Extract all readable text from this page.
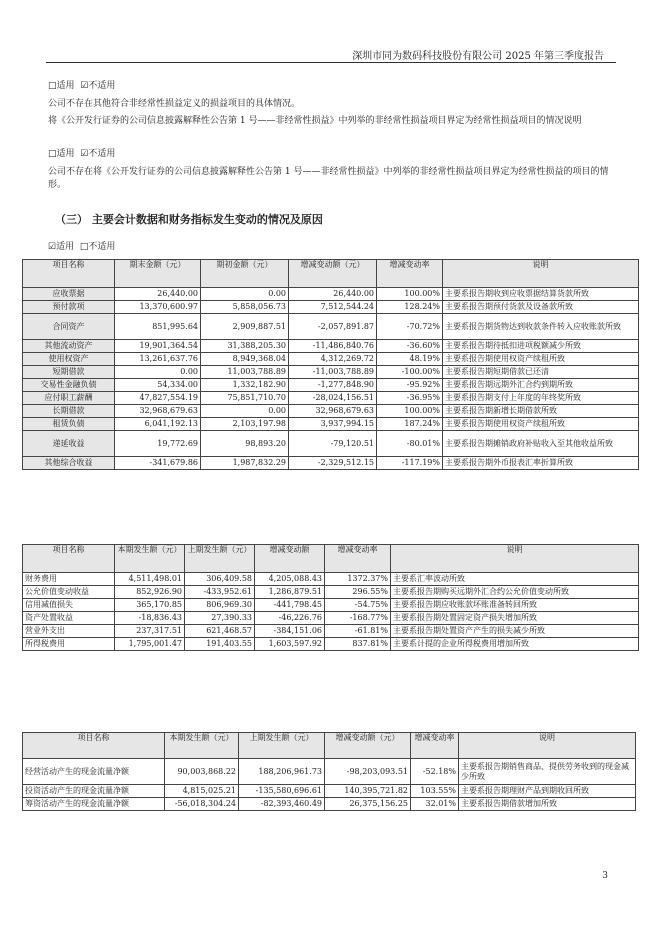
深圳市同为数码科技股份有限公司 2025 年第三季度报告
□适用 ☑不适用
公司不存在其他符合非经常性损益定义的损益项目的具体情况。
将《公开发行证券的公司信息披露解释性公告第 1 号——非经常性损益》中列举的非经常性损益项目界定为经常性损益项目的情况说明
□适用 ☑不适用
公司不存在将《公开发行证券的公司信息披露解释性公告第 1 号——非经常性损益》中列举的非经常性损益项目界定为经常性损益的项目的情形。
（三） 主要会计数据和财务指标发生变动的情况及原因
☑适用 □不适用
项目名称	期末金额（元）	期初金额（元）	增减变动额（元）	增减变动率	说明
应收票据	26,440.00	0.00	26,440.00	100.00%	主要系报告期收到应收票据结算货款所致
预付款项	13,370,600.97	5,858,056.73	7,512,544.24	128.24%	主要系报告期预付货款及设备款所致
合同资产	851,995.64	2,909,887.51	-2,057,891.87	-70.72%	主要系报告期货物达到收款条件转入应收账款所致
其他流动资产	19,901,364.54	31,388,205.30	-11,486,840.76	-36.60%	主要系报告期待抵扣进项税额减少所致
使用权资产	13,261,637.76	8,949,368.04	4,312,269.72	48.19%	主要系报告期使用权资产续租所致
短期借款	0.00	11,003,788.89	-11,003,788.89	-100.00%	主要系报告期短期借款已还清
交易性金融负债	54,334.00	1,332,182.90	-1,277,848.90	-95.92%	主要系报告期远期外汇合约到期所致
应付职工薪酬	47,827,554.19	75,851,710.70	-28,024,156.51	-36.95%	主要系报告期支付上年度的年终奖所致
长期借款	32,968,679.63	0.00	32,968,679.63	100.00%	主要系报告期新增长期借款所致
租赁负债	6,041,192.13	2,103,197.98	3,937,994.15	187.24%	主要系报告期使用权资产续租所致
递延收益	19,772.69	98,893.20	-79,120.51	-80.01%	主要系报告期摊销政府补贴收入至其他收益所致
其他综合收益	-341,679.86	1,987,832.29	-2,329,512.15	-117.19%	主要系报告期外币报表汇率折算所致
项目名称	本期发生额（元）	上期发生额（元）	增减变动额	增减变动率	说明
财务费用	4,511,498.01	306,409.58	4,205,088.43	1372.37%	主要系汇率波动所致
公允价值变动收益	852,926.90	-433,952.61	1,286,879.51	296.55%	主要系报告期购买远期外汇合约公允价值变动所致
信用减值损失	365,170.85	806,969.30	-441,798.45	-54.75%	主要系报告期应收账款坏账准备转回所致
资产处置收益	-18,836.43	27,390.33	-46,226.76	-168.77%	主要系报告期处置固定资产损失增加所致
营业外支出	237,317.51	621,468.57	-384,151.06	-61.81%	主要系报告期处置资产产生的损失减少所致
所得税费用	1,795,001.47	191,403.55	1,603,597.92	837.81%	主要系计提的企业所得税费用增加所致
项目名称	本期发生额（元）	上期发生额（元）	增减变动额（元）	增减变动率	说明
经营活动产生的现金流量净额	90,003,868.22	188,206,961.73	-98,203,093.51	-52.18%	主要系报告期销售商品、提供劳务收到的现金减少所致
投资活动产生的现金流量净额	4,815,025.21	-135,580,696.61	140,395,721.82	103.55%	主要系报告期理财产品到期收回所致
筹资活动产生的现金流量净额	-56,018,304.24	-82,393,460.49	26,375,156.25	32.01%	主要系报告期借款增加所致
3
